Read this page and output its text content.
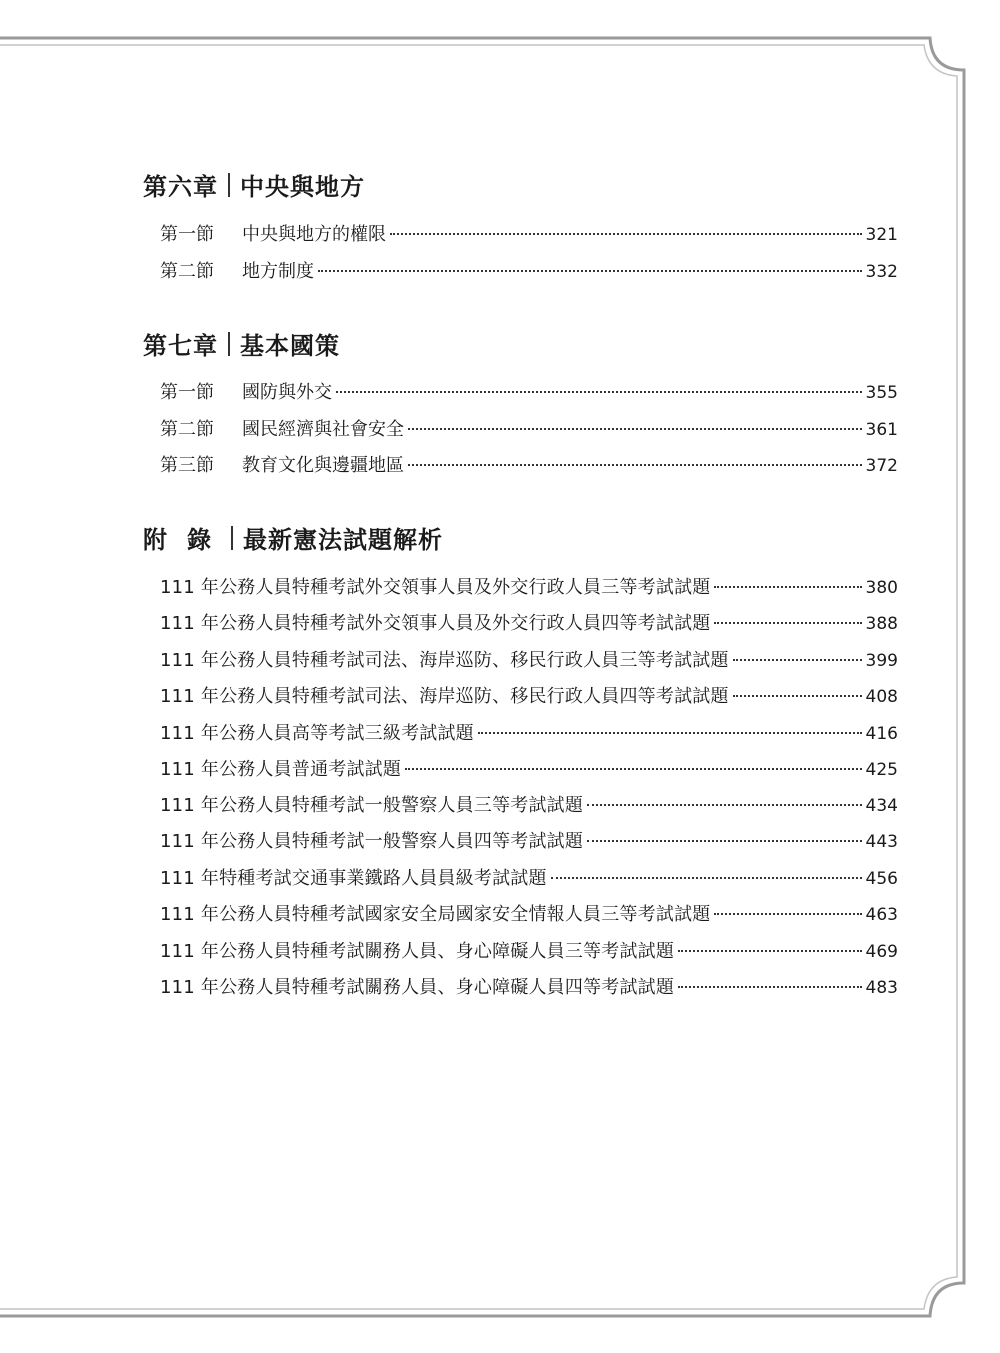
第六章 中央與地方
第一節	中央與地方的權限	321
第二節	地方制度	332
第七章 基本國策
第一節	國防與外交	355
第二節	國民經濟與社會安全	361
第三節	教育文化與邊疆地區	372
附錄 最新憲法試題解析
111 年公務人員特種考試外交領事人員及外交行政人員三等考試試題	380
111 年公務人員特種考試外交領事人員及外交行政人員四等考試試題	388
111 年公務人員特種考試司法、海岸巡防、移民行政人員三等考試試題	399
111 年公務人員特種考試司法、海岸巡防、移民行政人員四等考試試題	408
111 年公務人員高等考試三級考試試題	416
111 年公務人員普通考試試題	425
111 年公務人員特種考試一般警察人員三等考試試題	434
111 年公務人員特種考試一般警察人員四等考試試題	443
111 年特種考試交通事業鐵路人員員級考試試題	456
111 年公務人員特種考試國家安全局國家安全情報人員三等考試試題	463
111 年公務人員特種考試關務人員、身心障礙人員三等考試試題	469
111 年公務人員特種考試關務人員、身心障礙人員四等考試試題	483
